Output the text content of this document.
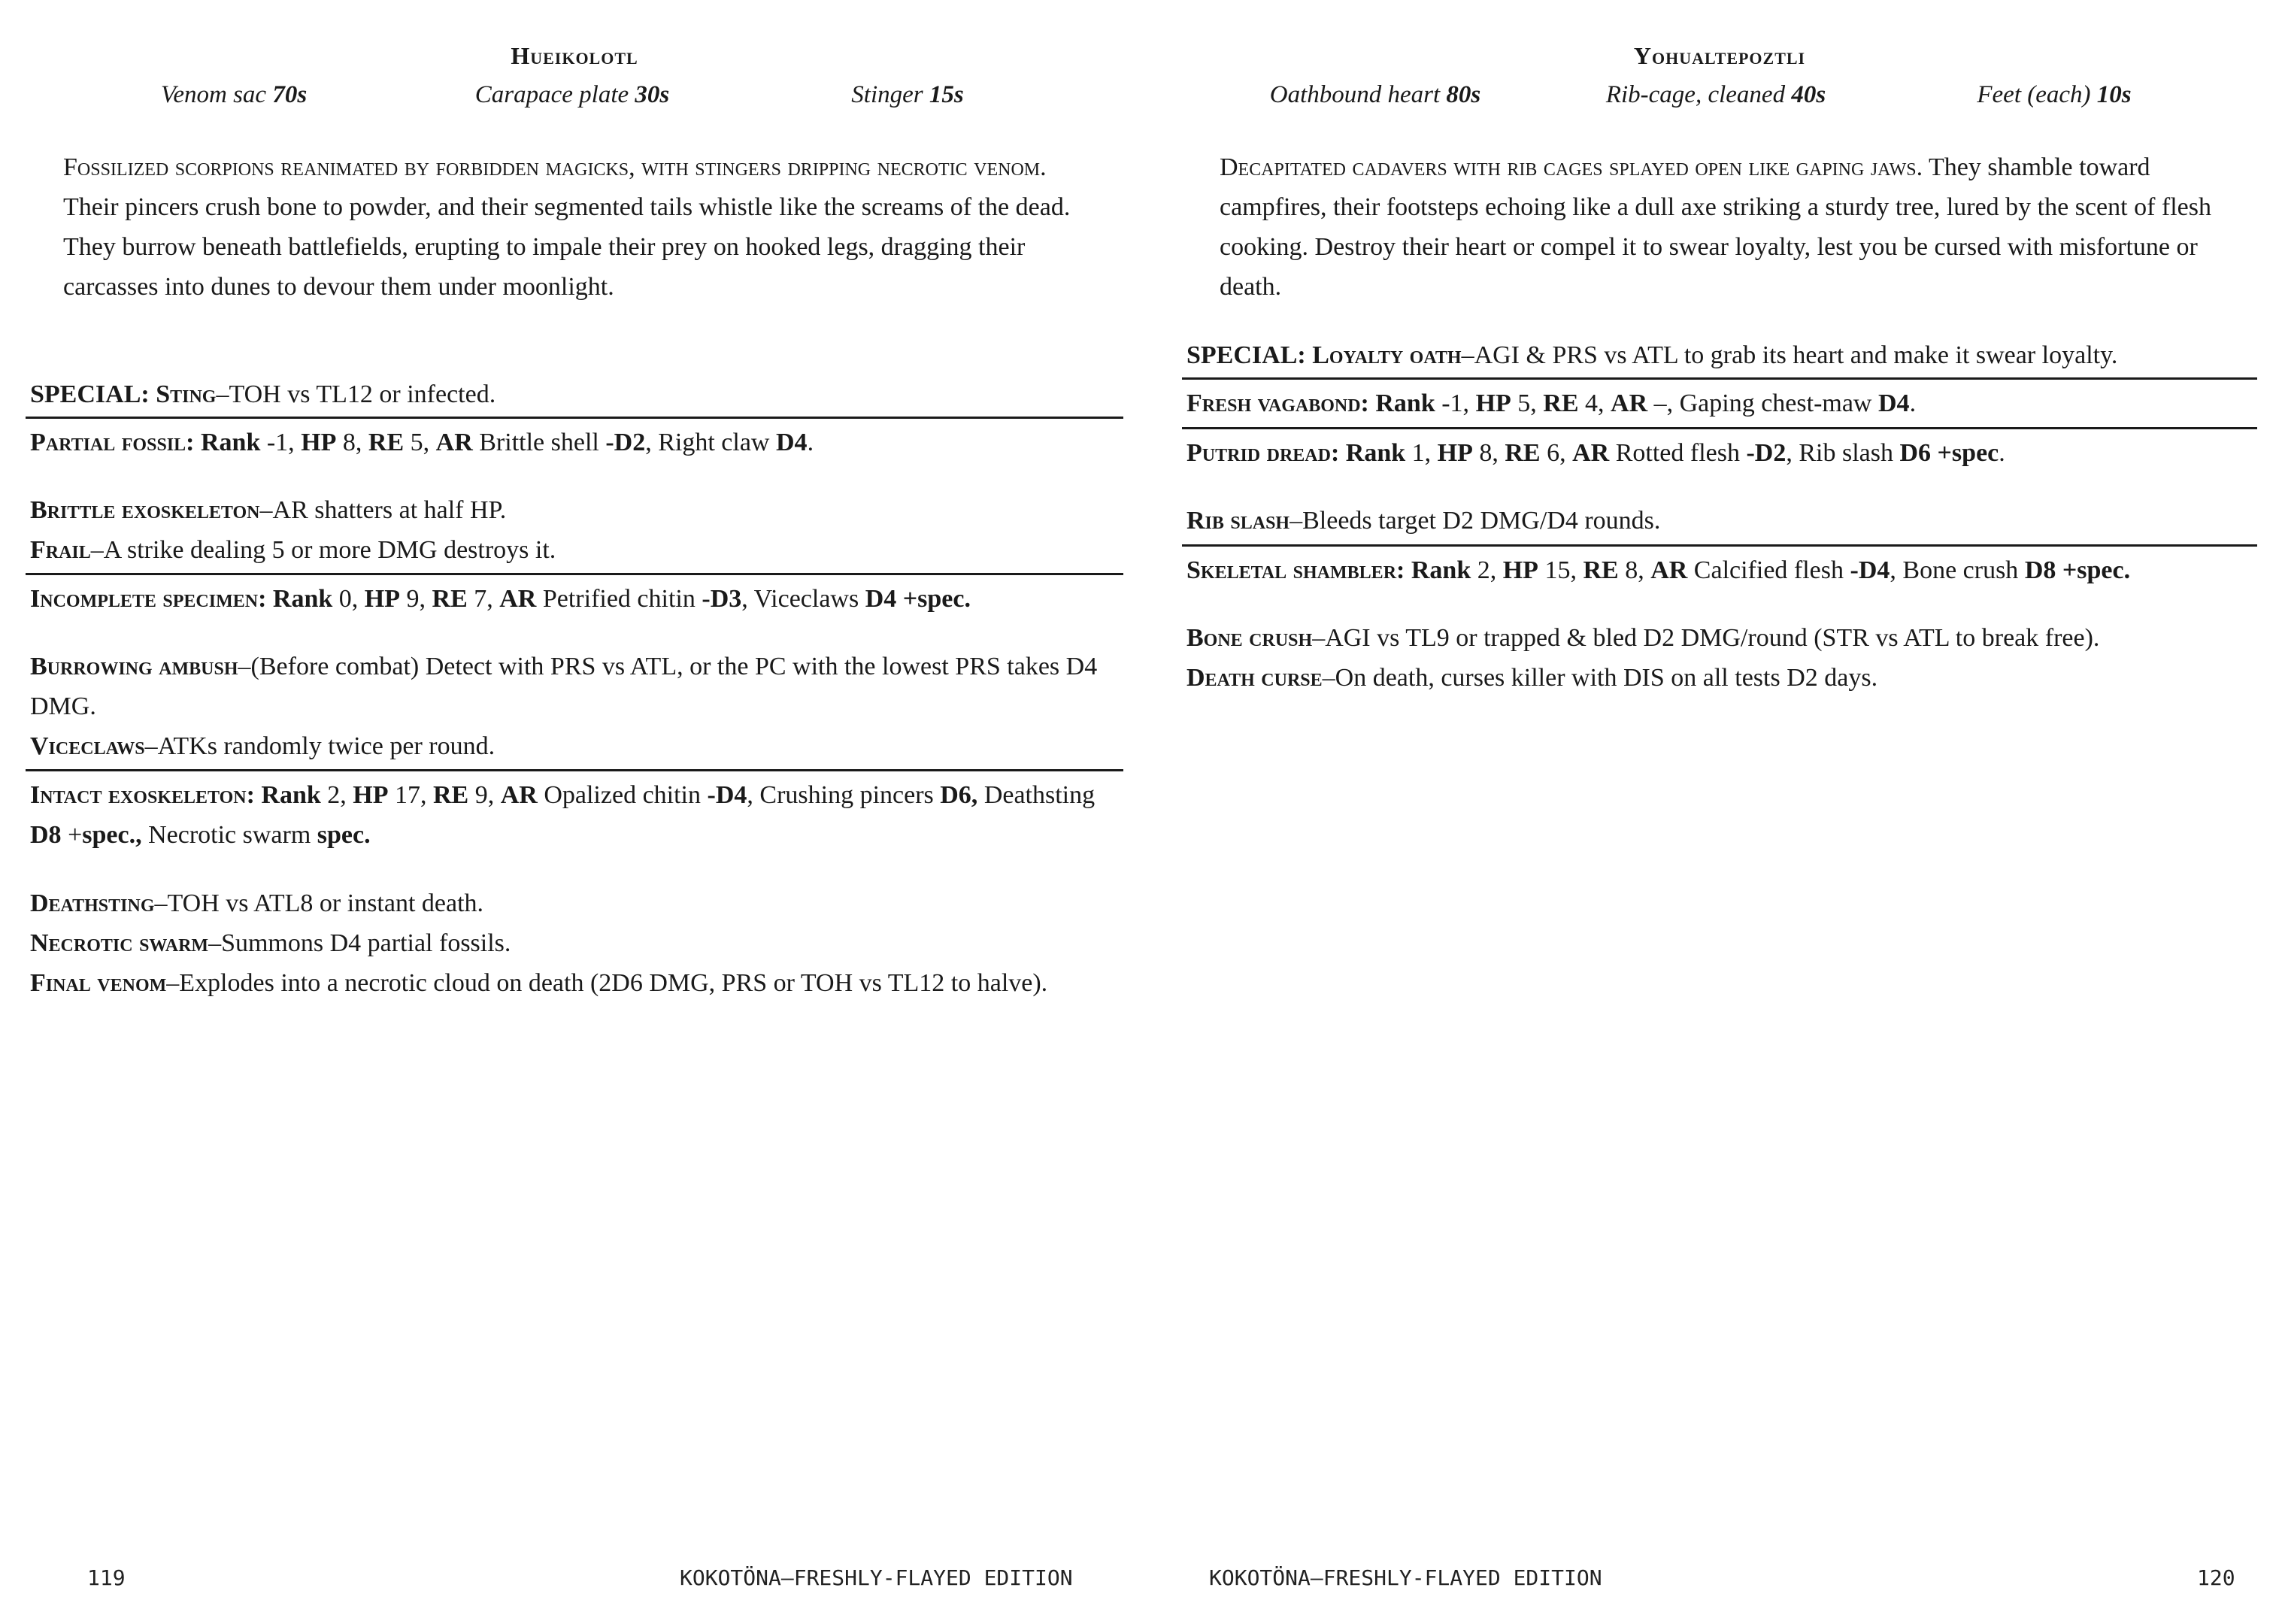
Hueikolotl
Venom sac 70s	Carapace plate 30s	Stinger 15s
Fossilized scorpions reanimated by forbidden magicks, with stingers dripping necrotic venom. Their pincers crush bone to powder, and their segmented tails whistle like the screams of the dead. They burrow beneath battlefields, erupting to impale their prey on hooked legs, dragging their carcasses into dunes to devour them under moonlight.
SPECIAL: Sting–TOH vs TL12 or infected.
Partial fossil: Rank -1, HP 8, RE 5, AR Brittle shell -D2, Right claw D4.
Brittle exoskeleton–AR shatters at half HP.
Frail–A strike dealing 5 or more DMG destroys it.
Incomplete specimen: Rank 0, HP 9, RE 7, AR Petrified chitin -D3, Viceclaws D4 +spec.
Burrowing ambush–(Before combat) Detect with PRS vs ATL, or the PC with the lowest PRS takes D4 DMG.
Viceclaws–ATKs randomly twice per round.
Intact exoskeleton: Rank 2, HP 17, RE 9, AR Opalized chitin -D4, Crushing pincers D6, Deathsting D8 +spec., Necrotic swarm spec.
Deathsting–TOH vs ATL8 or instant death.
Necrotic swarm–Summons D4 partial fossils.
Final venom–Explodes into a necrotic cloud on death (2D6 DMG, PRS or TOH vs TL12 to halve).
119	KOKOTÖNA—FRESHLY-FLAYED EDITION
Yohualtepoztli
Oathbound heart 80s	Rib-cage, cleaned 40s	Feet (each) 10s
Decapitated cadavers with rib cages splayed open like gaping jaws. They shamble toward campfires, their footsteps echoing like a dull axe striking a sturdy tree, lured by the scent of flesh cooking. Destroy their heart or compel it to swear loyalty, lest you be cursed with misfortune or death.
SPECIAL: Loyalty oath–AGI & PRS vs ATL to grab its heart and make it swear loyalty.
Fresh vagabond: Rank -1, HP 5, RE 4, AR –, Gaping chest-maw D4.
Putrid dread: Rank 1, HP 8, RE 6, AR Rotted flesh -D2, Rib slash D6 +spec.
Rib slash–Bleeds target D2 DMG/D4 rounds.
Skeletal shambler: Rank 2, HP 15, RE 8, AR Calcified flesh -D4, Bone crush D8 +spec.
Bone crush–AGI vs TL9 or trapped & bled D2 DMG/round (STR vs ATL to break free).
Death curse–On death, curses killer with DIS on all tests D2 days.
KOKOTÖNA—FRESHLY-FLAYED EDITION	120
